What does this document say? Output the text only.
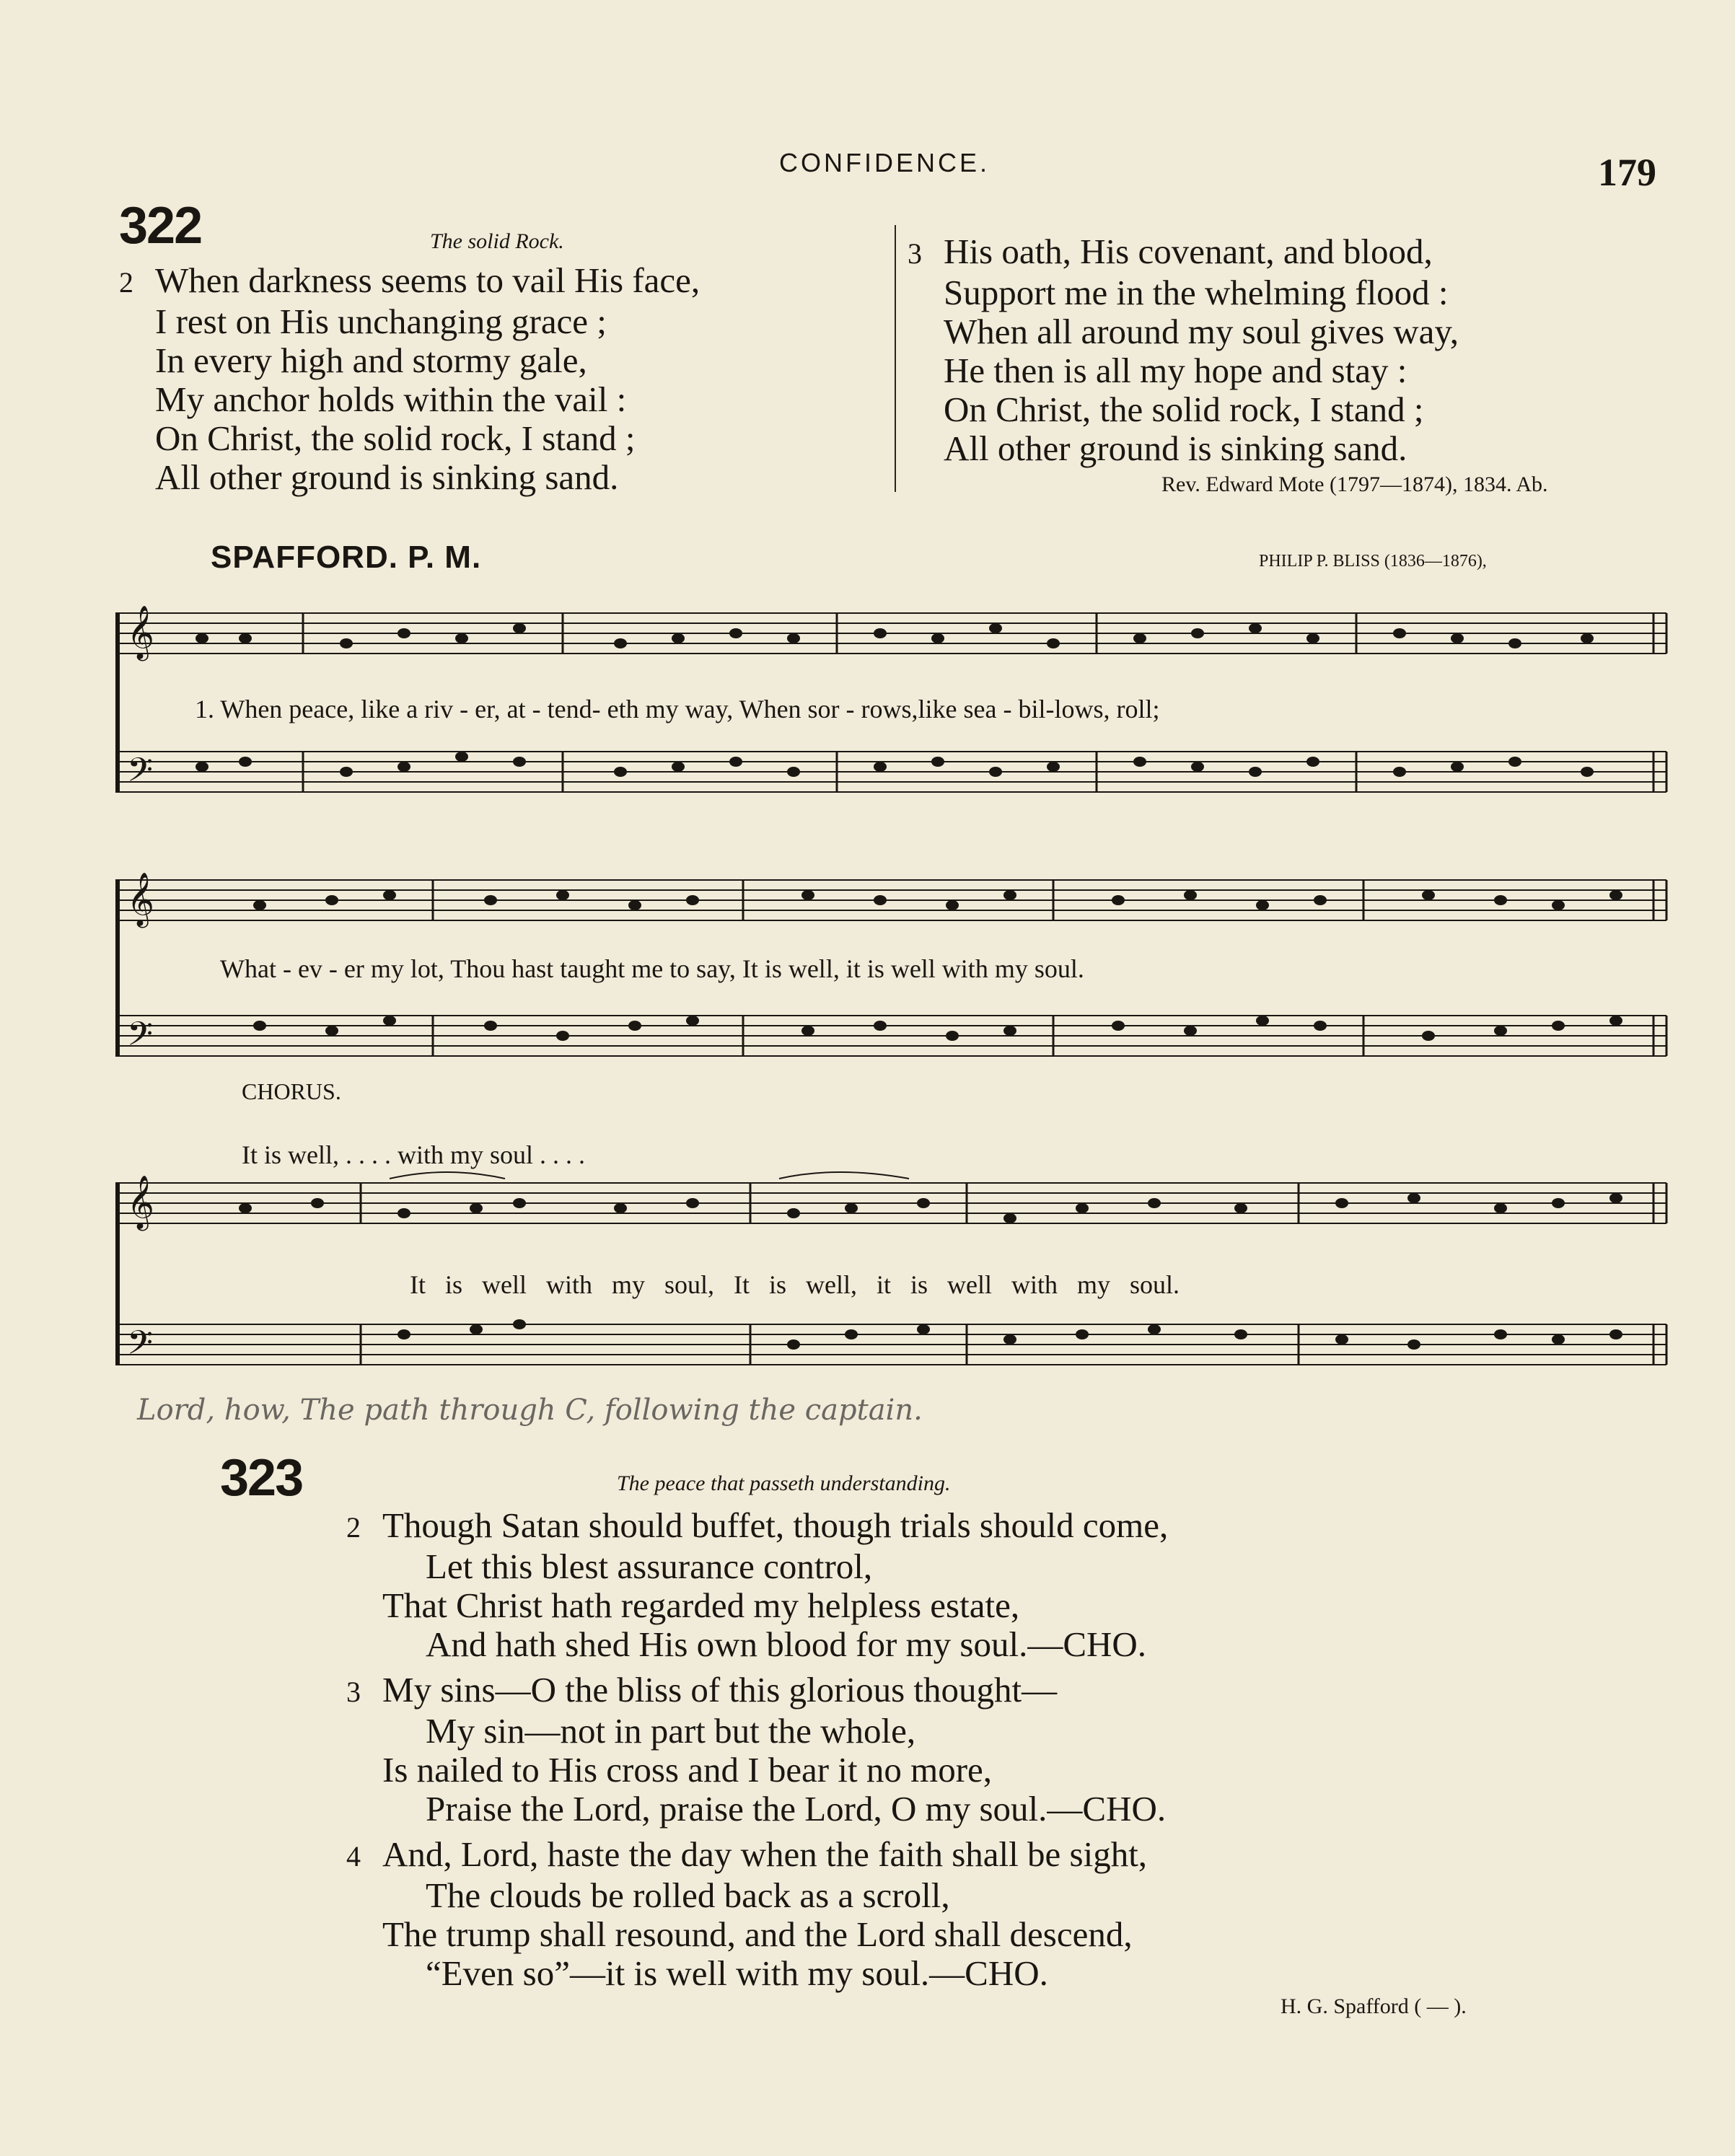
CONFIDENCE.	179
322	The solid Rock.
2 When darkness seems to vail His face,
I rest on His unchanging grace ;
In every high and stormy gale,
My anchor holds within the vail :
On Christ, the solid rock, I stand ;
All other ground is sinking sand.
3 His oath, His covenant, and blood,
Support me in the whelming flood :
When all around my soul gives way,
He then is all my hope and stay :
On Christ, the solid rock, I stand ;
All other ground is sinking sand.
Rev. Edward Mote (1797—1874), 1834. Ab.
SPAFFORD. P. M.	PHILIP P. BLISS (1836—1876),
𝄞
𝄢
1. When peace, like a riv - er, at - tend- eth my way, When sor - rows,like sea - bil-lows, roll;
𝄞
𝄢
What - ev - er my lot, Thou hast taught me to say, It is well, it is well with my soul.
CHORUS.
It is well, . . . . with my soul . . . .
𝄞
𝄢
It is well with my soul, It is well, it is well with my soul.
Lord, how, The path through C, following the captain.
323	The peace that passeth understanding.
2 Though Satan should buffet, though trials should come,
Let this blest assurance control,
That Christ hath regarded my helpless estate,
And hath shed His own blood for my soul.—CHO.
3 My sins—O the bliss of this glorious thought—
My sin—not in part but the whole,
Is nailed to His cross and I bear it no more,
Praise the Lord, praise the Lord, O my soul.—CHO.
4 And, Lord, haste the day when the faith shall be sight,
The clouds be rolled back as a scroll,
The trump shall resound, and the Lord shall descend,
“Even so”—it is well with my soul.—CHO.
H. G. Spafford ( — ).
